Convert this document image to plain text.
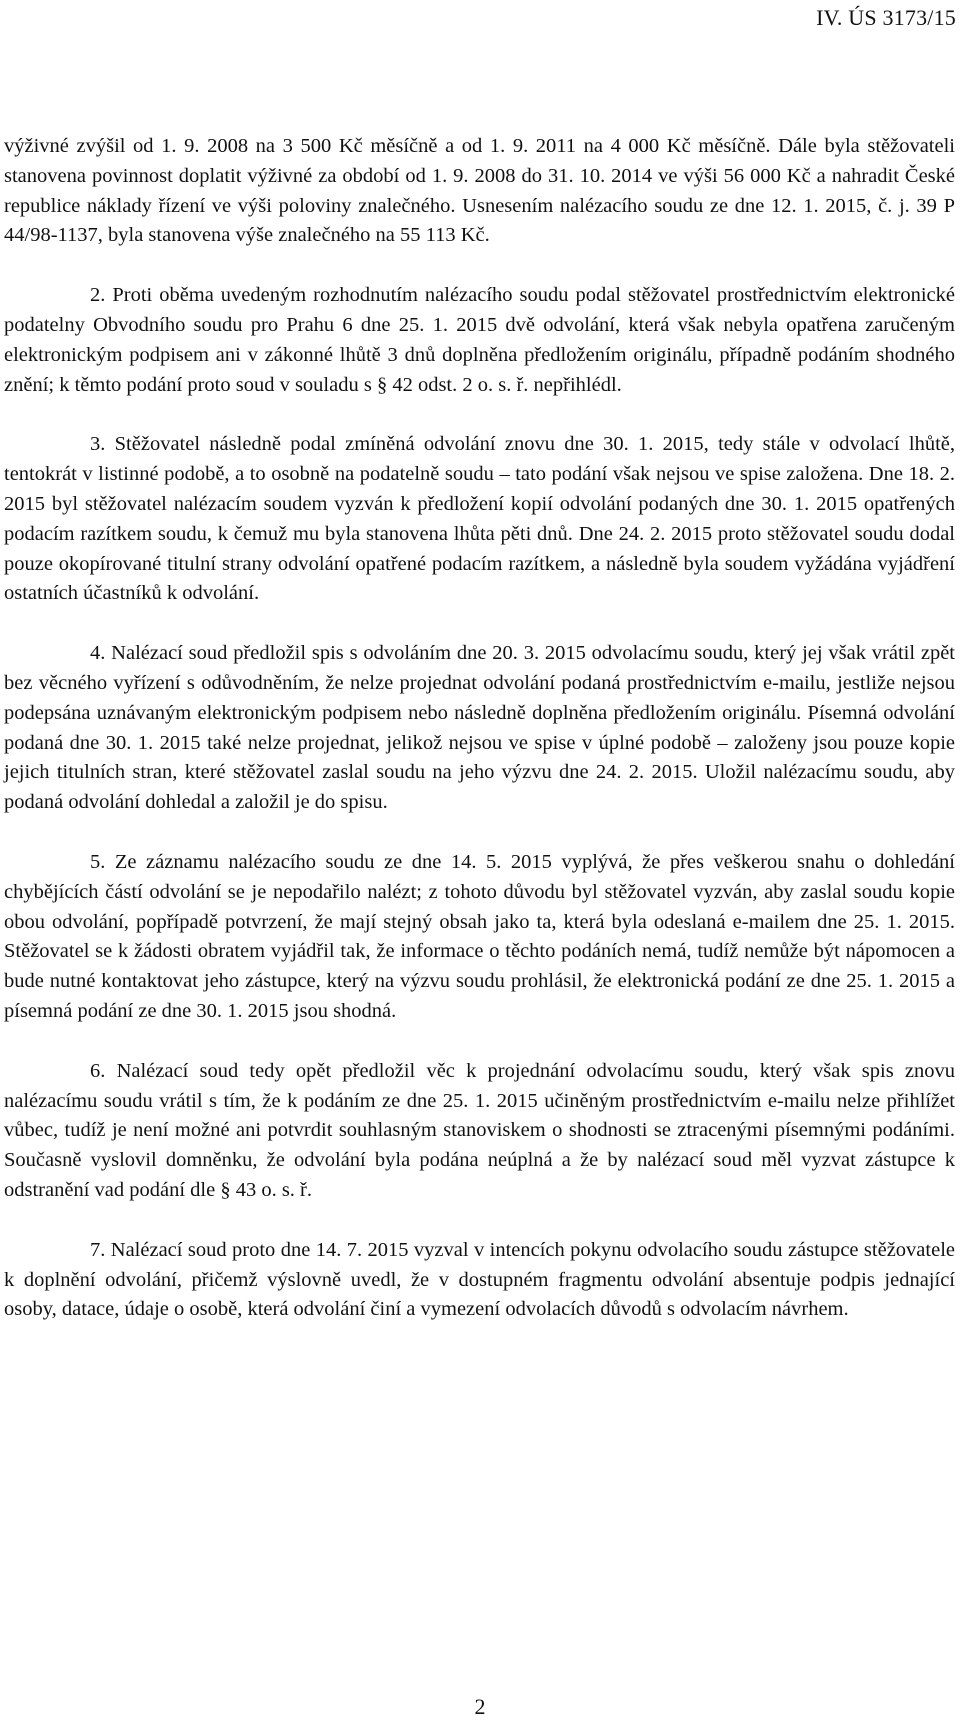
IV. ÚS 3173/15

výživné zvýšil od 1. 9. 2008 na 3 500 Kč měsíčně a od 1. 9. 2011 na 4 000 Kč měsíčně. Dále byla stěžovateli stanovena povinnost doplatit výživné za období od 1. 9. 2008 do 31. 10. 2014 ve výši 56 000 Kč a nahradit České republice náklady řízení ve výši poloviny znalečného. Usnesením nalézacího soudu ze dne 12. 1. 2015, č. j. 39 P 44/98-1137, byla stanovena výše znalečného na 55 113 Kč.

2. Proti oběma uvedeným rozhodnutím nalézacího soudu podal stěžovatel prostřednictvím elektronické podatelny Obvodního soudu pro Prahu 6 dne 25. 1. 2015 dvě odvolání, která však nebyla opatřena zaručeným elektronickým podpisem ani v zákonné lhůtě 3 dnů doplněna předložením originálu, případně podáním shodného znění; k těmto podání proto soud v souladu s § 42 odst. 2 o. s. ř. nepřihlédl.

3. Stěžovatel následně podal zmíněná odvolání znovu dne 30. 1. 2015, tedy stále v odvolací lhůtě, tentokrát v listinné podobě, a to osobně na podatelně soudu – tato podání však nejsou ve spise založena. Dne 18. 2. 2015 byl stěžovatel nalézacím soudem vyzván k předložení kopií odvolání podaných dne 30. 1. 2015 opatřených podacím razítkem soudu, k čemuž mu byla stanovena lhůta pěti dnů. Dne 24. 2. 2015 proto stěžovatel soudu dodal pouze okopírované titulní strany odvolání opatřené podacím razítkem, a následně byla soudem vyžádána vyjádření ostatních účastníků k odvolání.

4. Nalézací soud předložil spis s odvoláním dne 20. 3. 2015 odvolacímu soudu, který jej však vrátil zpět bez věcného vyřízení s odůvodněním, že nelze projednat odvolání podaná prostřednictvím e-mailu, jestliže nejsou podepsána uznávaným elektronickým podpisem nebo následně doplněna předložením originálu. Písemná odvolání podaná dne 30. 1. 2015 také nelze projednat, jelikož nejsou ve spise v úplné podobě – založeny jsou pouze kopie jejich titulních stran, které stěžovatel zaslal soudu na jeho výzvu dne 24. 2. 2015. Uložil nalézacímu soudu, aby podaná odvolání dohledal a založil je do spisu.

5. Ze záznamu nalézacího soudu ze dne 14. 5. 2015 vyplývá, že přes veškerou snahu o dohledání chybějících částí odvolání se je nepodařilo nalézt; z tohoto důvodu byl stěžovatel vyzván, aby zaslal soudu kopie obou odvolání, popřípadě potvrzení, že mají stejný obsah jako ta, která byla odeslaná e-mailem dne 25. 1. 2015. Stěžovatel se k žádosti obratem vyjádřil tak, že informace o těchto podáních nemá, tudíž nemůže být nápomocen a bude nutné kontaktovat jeho zástupce, který na výzvu soudu prohlásil, že elektronická podání ze dne 25. 1. 2015 a písemná podání ze dne 30. 1. 2015 jsou shodná.

6. Nalézací soud tedy opět předložil věc k projednání odvolacímu soudu, který však spis znovu nalézacímu soudu vrátil s tím, že k podáním ze dne 25. 1. 2015 učiněným prostřednictvím e-mailu nelze přihlížet vůbec, tudíž je není možné ani potvrdit souhlasným stanoviskem o shodnosti se ztracenými písemnými podáními. Současně vyslovil domněnku, že odvolání byla podána neúplná a že by nalézací soud měl vyzvat zástupce k odstranění vad podání dle § 43 o. s. ř.

7. Nalézací soud proto dne 14. 7. 2015 vyzval v intencích pokynu odvolacího soudu zástupce stěžovatele k doplnění odvolání, přičemž výslovně uvedl, že v dostupném fragmentu odvolání absentuje podpis jednající osoby, datace, údaje o osobě, která odvolání činí a vymezení odvolacích důvodů s odvolacím návrhem.

2
